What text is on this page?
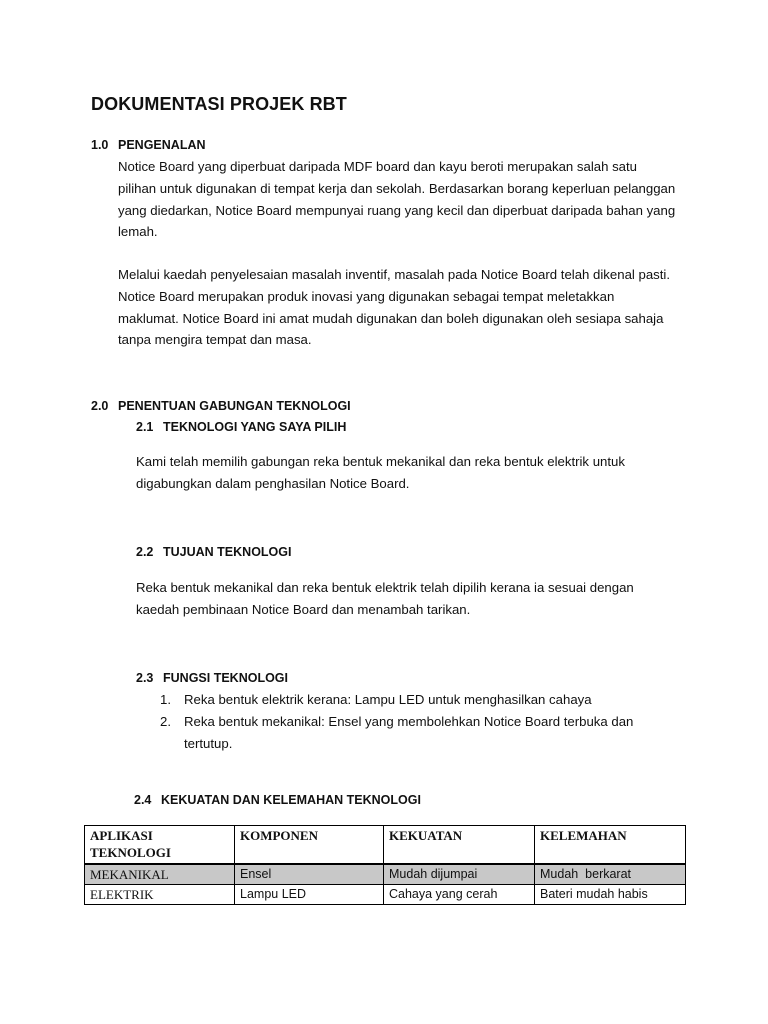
DOKUMENTASI PROJEK RBT
1.0 PENGENALAN

Notice Board yang diperbuat daripada MDF board dan kayu beroti merupakan salah satu pilihan untuk digunakan di tempat kerja dan sekolah. Berdasarkan borang keperluan pelanggan yang diedarkan, Notice Board mempunyai ruang yang kecil dan diperbuat daripada bahan yang lemah.

Melalui kaedah penyelesaian masalah inventif, masalah pada Notice Board telah dikenal pasti. Notice Board merupakan produk inovasi yang digunakan sebagai tempat meletakkan maklumat. Notice Board ini amat mudah digunakan dan boleh digunakan oleh sesiapa sahaja tanpa mengira tempat dan masa.

2.0 PENENTUAN GABUNGAN TEKNOLOGI
2.1 TEKNOLOGI YANG SAYA PILIH

Kami telah memilih gabungan reka bentuk mekanikal dan reka bentuk elektrik untuk digabungkan dalam penghasilan Notice Board.

2.2 TUJUAN TEKNOLOGI

Reka bentuk mekanikal dan reka bentuk elektrik telah dipilih kerana ia sesuai dengan kaedah pembinaan Notice Board dan menambah tarikan.

2.3 FUNGSI TEKNOLOGI
1. Reka bentuk elektrik kerana: Lampu LED untuk menghasilkan cahaya
2. Reka bentuk mekanikal: Ensel yang membolehkan Notice Board terbuka dan tertutup.
2.4 KEKUATAN DAN KELEMAHAN TEKNOLOGI
APLIKASI TEKNOLOGI	KOMPONEN	KEKUATAN	KELEMAHAN
MEKANIKAL	Ensel	Mudah dijumpai	Mudah  berkarat
ELEKTRIK	Lampu LED	Cahaya yang cerah	Bateri mudah habis
